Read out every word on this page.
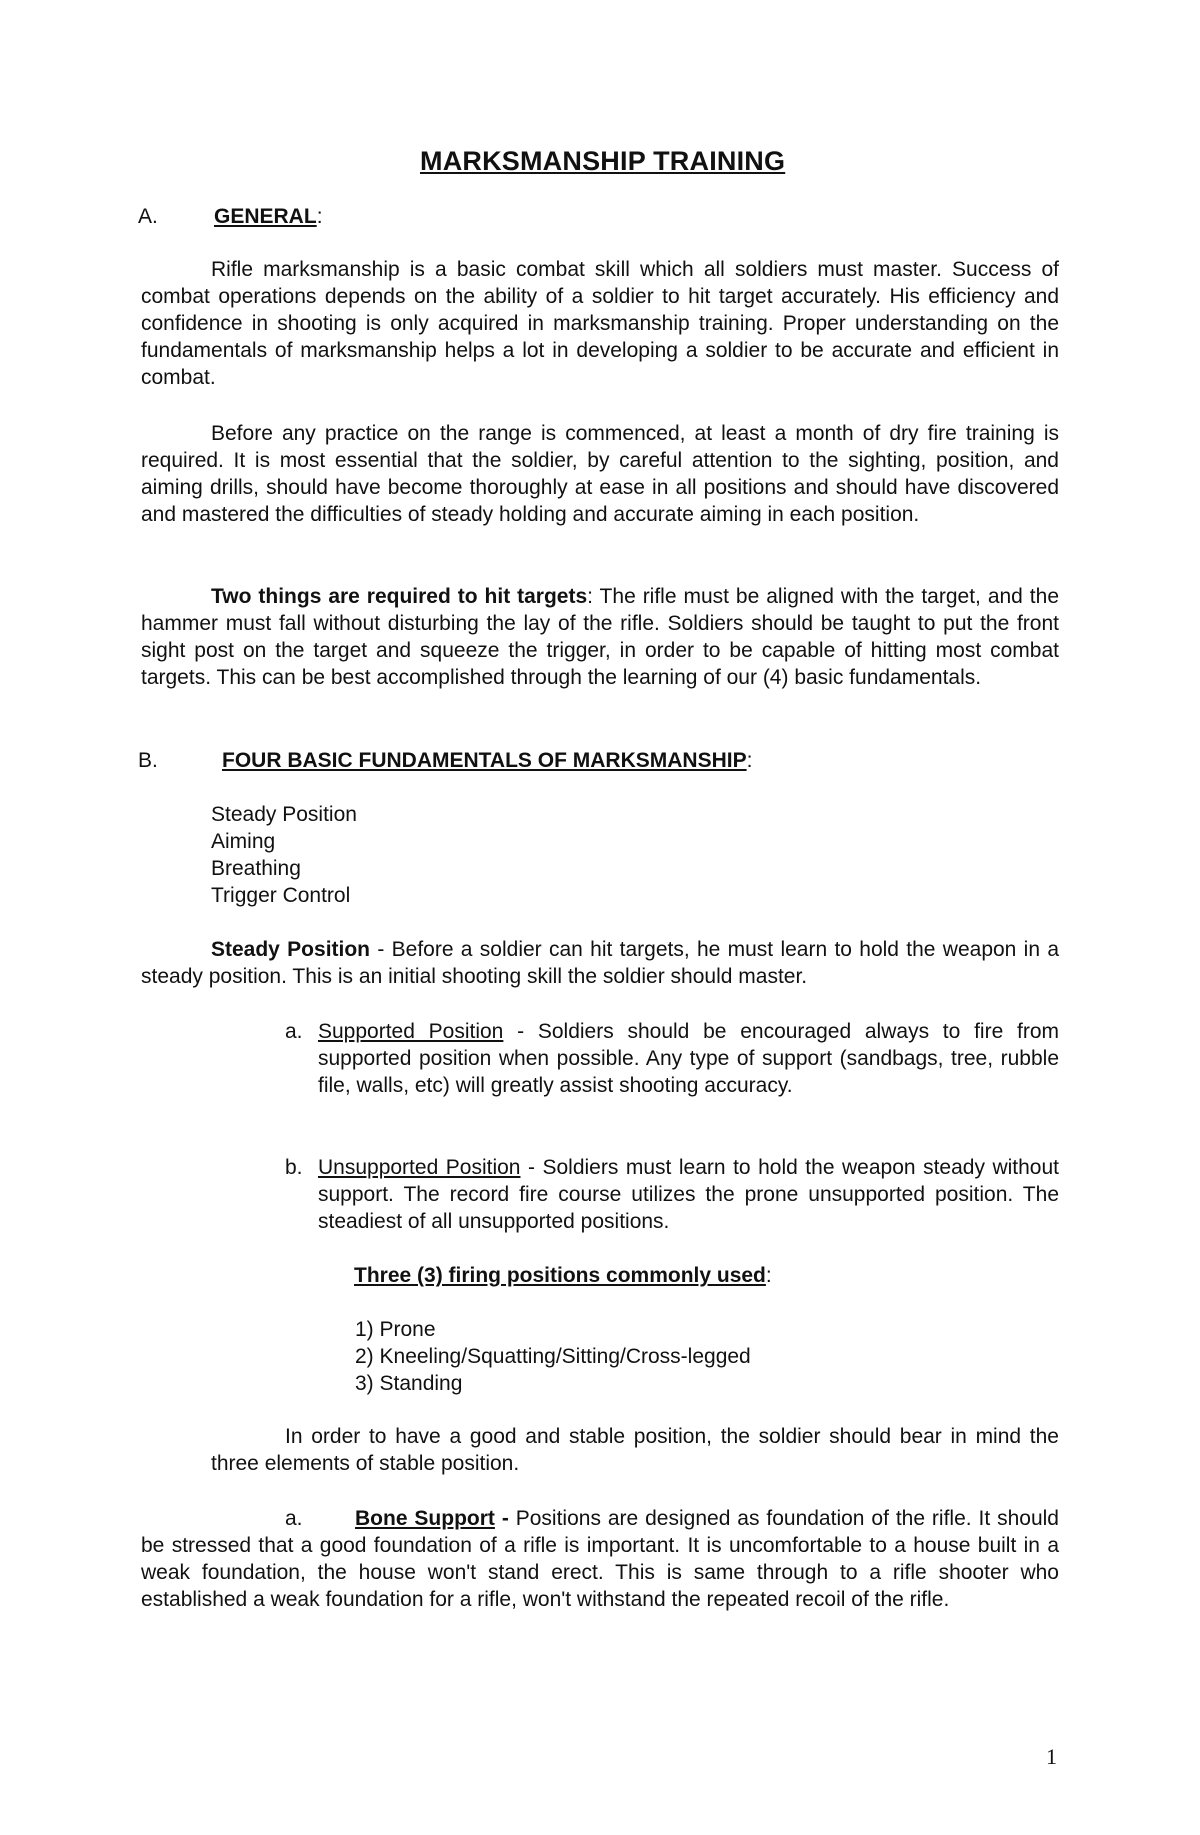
MARKSMANSHIP TRAINING
A.	GENERAL:

Rifle marksmanship is a basic combat skill which all soldiers must master. Success of combat operations depends on the ability of a soldier to hit target accurately. His efficiency and confidence in shooting is only acquired in marksmanship training. Proper understanding on the fundamentals of marksmanship helps a lot in developing a soldier to be accurate and efficient in combat.

Before any practice on the range is commenced, at least a month of dry fire training is required. It is most essential that the soldier, by careful attention to the sighting, position, and aiming drills, should have become thoroughly at ease in all positions and should have discovered and mastered the difficulties of steady holding and accurate aiming in each position.

Two things are required to hit targets: The rifle must be aligned with the target, and the hammer must fall without disturbing the lay of the rifle. Soldiers should be taught to put the front sight post on the target and squeeze the trigger, in order to be capable of hitting most combat targets. This can be best accomplished through the learning of our (4) basic fundamentals.

B.	FOUR BASIC FUNDAMENTALS OF MARKSMANSHIP:
Steady Position
Aiming
Breathing
Trigger Control

Steady Position - Before a soldier can hit targets, he must learn to hold the weapon in a steady position. This is an initial shooting skill the soldier should master.

a. Supported Position - Soldiers should be encouraged always to fire from supported position when possible. Any type of support (sandbags, tree, rubble file, walls, etc) will greatly assist shooting accuracy.

b. Unsupported Position - Soldiers must learn to hold the weapon steady without support. The record fire course utilizes the prone unsupported position. The steadiest of all unsupported positions.

Three (3) firing positions commonly used:
1) Prone
2) Kneeling/Squatting/Sitting/Cross-legged
3) Standing

In order to have a good and stable position, the soldier should bear in mind the three elements of stable position.

a. Bone Support - Positions are designed as foundation of the rifle. It should be stressed that a good foundation of a rifle is important. It is uncomfortable to a house built in a weak foundation, the house won't stand erect. This is same through to a rifle shooter who established a weak foundation for a rifle, won't withstand the repeated recoil of the rifle.

1
